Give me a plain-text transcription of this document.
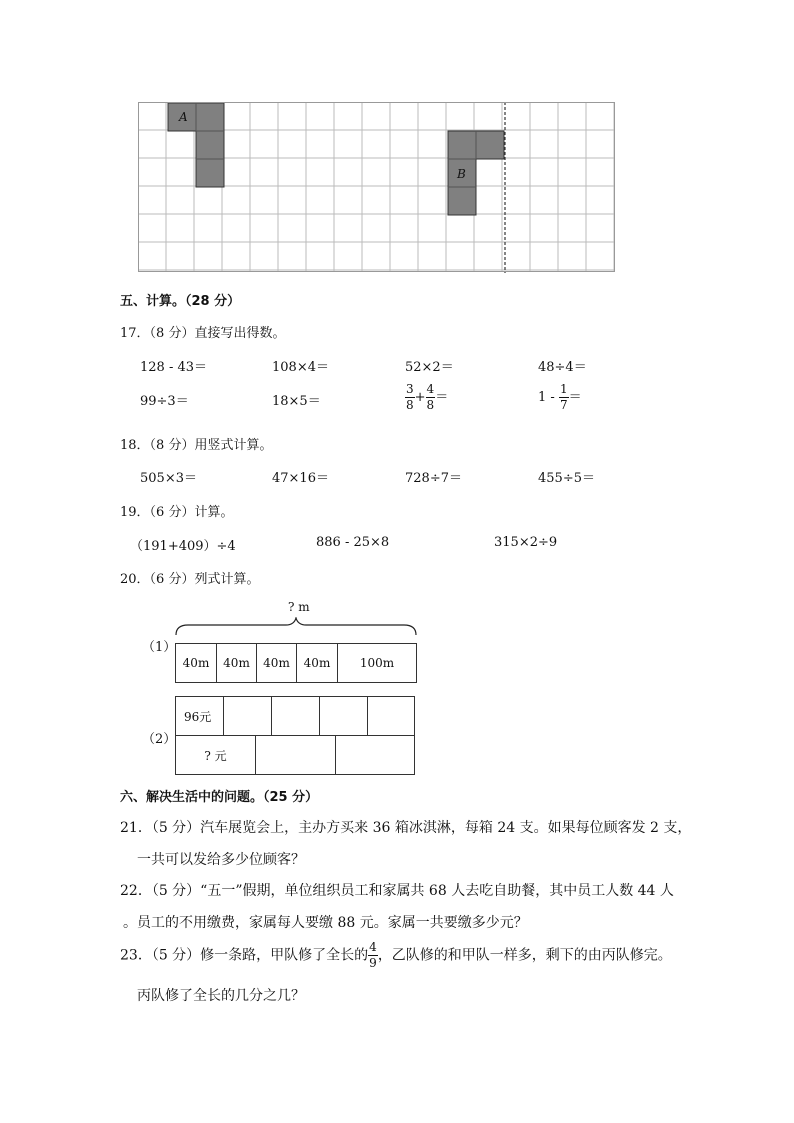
A
B
五、计算。（28 分）
17．（8 分）直接写出得数。
128 - 43＝	108×4＝	52×2＝	48÷4＝
99÷3＝	18×5＝	$\frac{3}{8} + \frac{4}{8}$ ＝	$1 - \frac{1}{7}$ ＝
18．（8 分）用竖式计算。
505×3＝	47×16＝	728÷7＝	455÷5＝
19．（6 分）计算。
（191+409）÷4	886 - 25×8	315×2÷9
20．（6 分）列式计算。
（1）
? m
40m	40m	40m	40m	100m
（2）
96元
? 元
六、解决生活中的问题。（25 分）
21．（5 分）汽车展览会上，主办方买来 36 箱冰淇淋，每箱 24 支。如果每位顾客发 2 支，
一共可以发给多少位顾客？
22．（5 分）“五一”假期，单位组织员工和家属共 68 人去吃自助餐，其中员工人数 44 人
。员工的不用缴费，家属每人要缴 88 元。家属一共要缴多少元？
23．（5 分）修一条路，甲队修了全长的 $\frac{4}{9}$ ，乙队修的和甲队一样多，剩下的由丙队修完。
丙队修了全长的几分之几？
